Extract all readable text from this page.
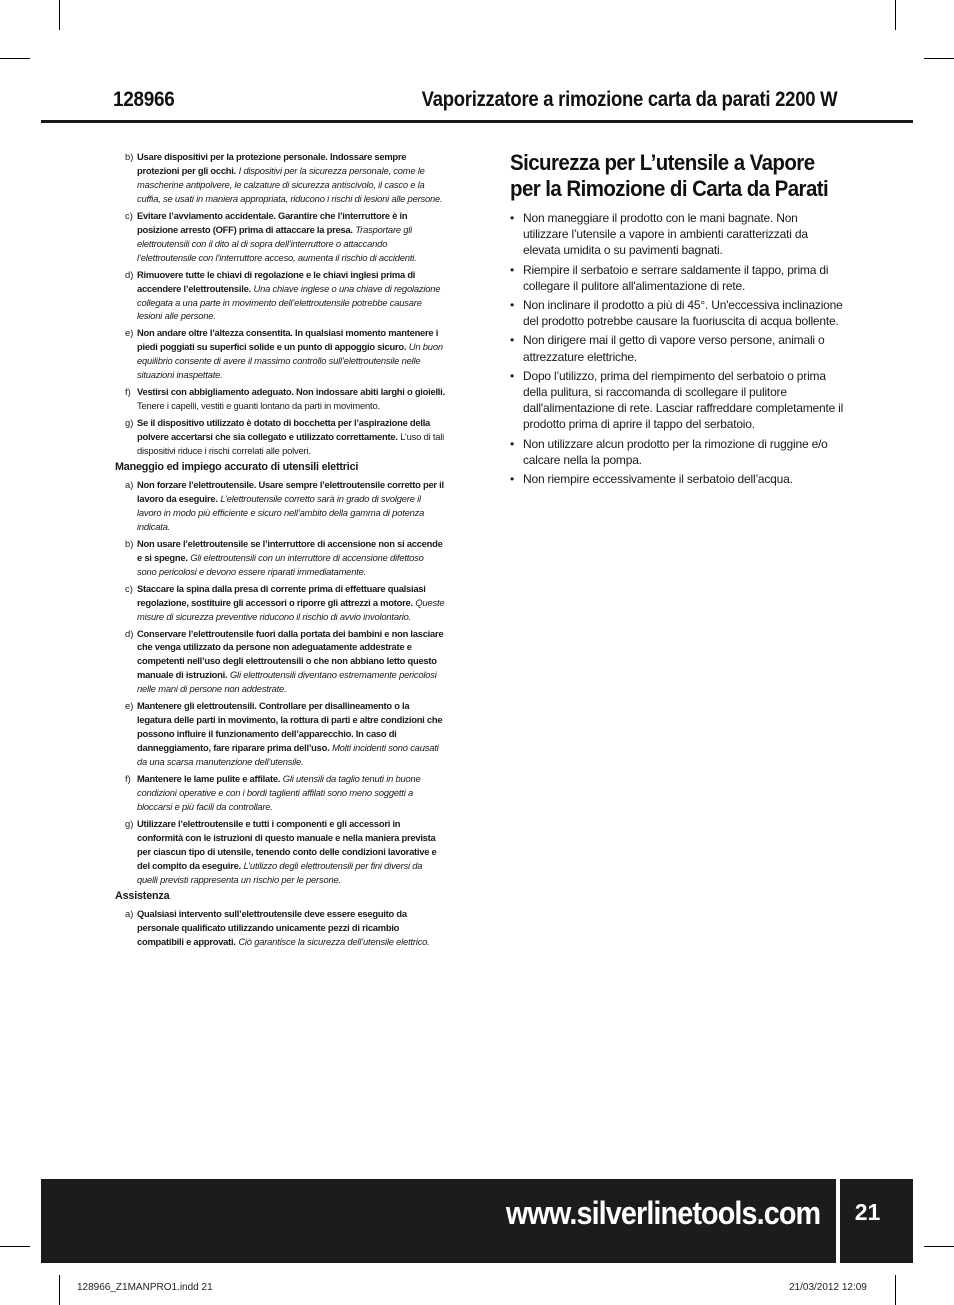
128966	Vaporizzatore a rimozione carta da parati 2200 W
b) Usare dispositivi per la protezione personale. Indossare sempre protezioni per gli occhi. I dispositivi per la sicurezza personale, come le mascherine antipolvere, le calzature di sicurezza antiscivolo, il casco e la cuffia, se usati in maniera appropriata, riducono i rischi di lesioni alle persone.
c) Evitare l’avviamento accidentale. Garantire che l’interruttore è in posizione arresto (OFF) prima di attaccare la presa. Trasportare gli elettroutensili con il dito al di sopra dell’interruttore o attaccando l’elettroutensile con l’interruttore acceso, aumenta il rischio di accidenti.
d) Rimuovere tutte le chiavi di regolazione e le chiavi inglesi prima di accendere l’elettroutensile. Una chiave inglese o una chiave di regolazione collegata a una parte in movimento dell’elettroutensile potrebbe causare lesioni alle persone.
e) Non andare oltre l’altezza consentita. In qualsiasi momento mantenere i piedi poggiati su superfici solide e un punto di appoggio sicuro. Un buon equilibrio consente di avere il massimo controllo sull’elettroutensile nelle situazioni inaspettate.
f) Vestirsi con abbigliamento adeguato. Non indossare abiti larghi o gioielli. Tenere i capelli, vestiti e guanti lontano da parti in movimento.
g) Se il dispositivo utilizzato è dotato di bocchetta per l’aspirazione della polvere accertarsi che sia collegato e utilizzato correttamente. L’uso di tali dispositivi riduce i rischi correlati alle polveri.
Maneggio ed impiego accurato di utensili elettrici
a) Non forzare l’elettroutensile. Usare sempre l’elettroutensile corretto per il lavoro da eseguire. L’elettroutensile corretto sarà in grado di svolgere il lavoro in modo più efficiente e sicuro nell’ambito della gamma di potenza indicata.
b) Non usare l’elettroutensile se l’interruttore di accensione non si accende e si spegne. Gli elettroutensili con un interruttore di accensione difettoso sono pericolosi e devono essere riparati immediatamente.
c) Staccare la spina dalla presa di corrente prima di effettuare qualsiasi regolazione, sostituire gli accessori o riporre gli attrezzi a motore. Queste misure di sicurezza preventive riducono il rischio di avvio involontario.
d) Conservare l’elettroutensile fuori dalla portata dei bambini e non lasciare che venga utilizzato da persone non adeguatamente addestrate e competenti nell’uso degli elettroutensili o che non abbiano letto questo manuale di istruzioni. Gli elettroutensili diventano estremamente pericolosi nelle mani di persone non addestrate.
e) Mantenere gli elettroutensili. Controllare per disallineamento o la legatura delle parti in movimento, la rottura di parti e altre condizioni che possono influire il funzionamento dell’apparecchio. In caso di danneggiamento, fare riparare prima dell’uso. Molti incidenti sono causati da una scarsa manutenzione dell’utensile.
f) Mantenere le lame pulite e affilate. Gli utensili da taglio tenuti in buone condizioni operative e con i bordi taglienti affilati sono meno soggetti a bloccarsi e più facili da controllare.
g) Utilizzare l’elettroutensile e tutti i componenti e gli accessori in conformità con le istruzioni di questo manuale e nella maniera prevista per ciascun tipo di utensile, tenendo conto delle condizioni lavorative e del compito da eseguire. L’utilizzo degli elettroutensili per fini diversi da quelli previsti rappresenta un rischio per le persone.
Assistenza
a) Qualsiasi intervento sull’elettroutensile deve essere eseguito da personale qualificato utilizzando unicamente pezzi di ricambio compatibili e approvati. Ciò garantisce la sicurezza dell’utensile elettrico.
Sicurezza per L’utensile a Vapore per la Rimozione di Carta da Parati
• Non maneggiare il prodotto con le mani bagnate. Non utilizzare l’utensile a vapore in ambienti caratterizzati da elevata umidita o su pavimenti bagnati.
• Riempire il serbatoio e serrare saldamente il tappo, prima di collegare il pulitore all'alimentazione di rete.
• Non inclinare il prodotto a più di 45°. Un'eccessiva inclinazione del prodotto potrebbe causare la fuoriuscita di acqua bollente.
• Non dirigere mai il getto di vapore verso persone, animali o attrezzature elettriche.
• Dopo l’utilizzo, prima del riempimento del serbatoio o prima della pulitura, si raccomanda di scollegare il pulitore dall'alimentazione di rete. Lasciar raffreddare completamente il prodotto prima di aprire il tappo del serbatoio.
• Non utilizzare alcun prodotto per la rimozione di ruggine e/o calcare nella la pompa.
• Non riempire eccessivamente il serbatoio dell’acqua.
www.silverlinetools.com	21
128966_Z1MANPRO1.indd 21	21/03/2012 12:09
